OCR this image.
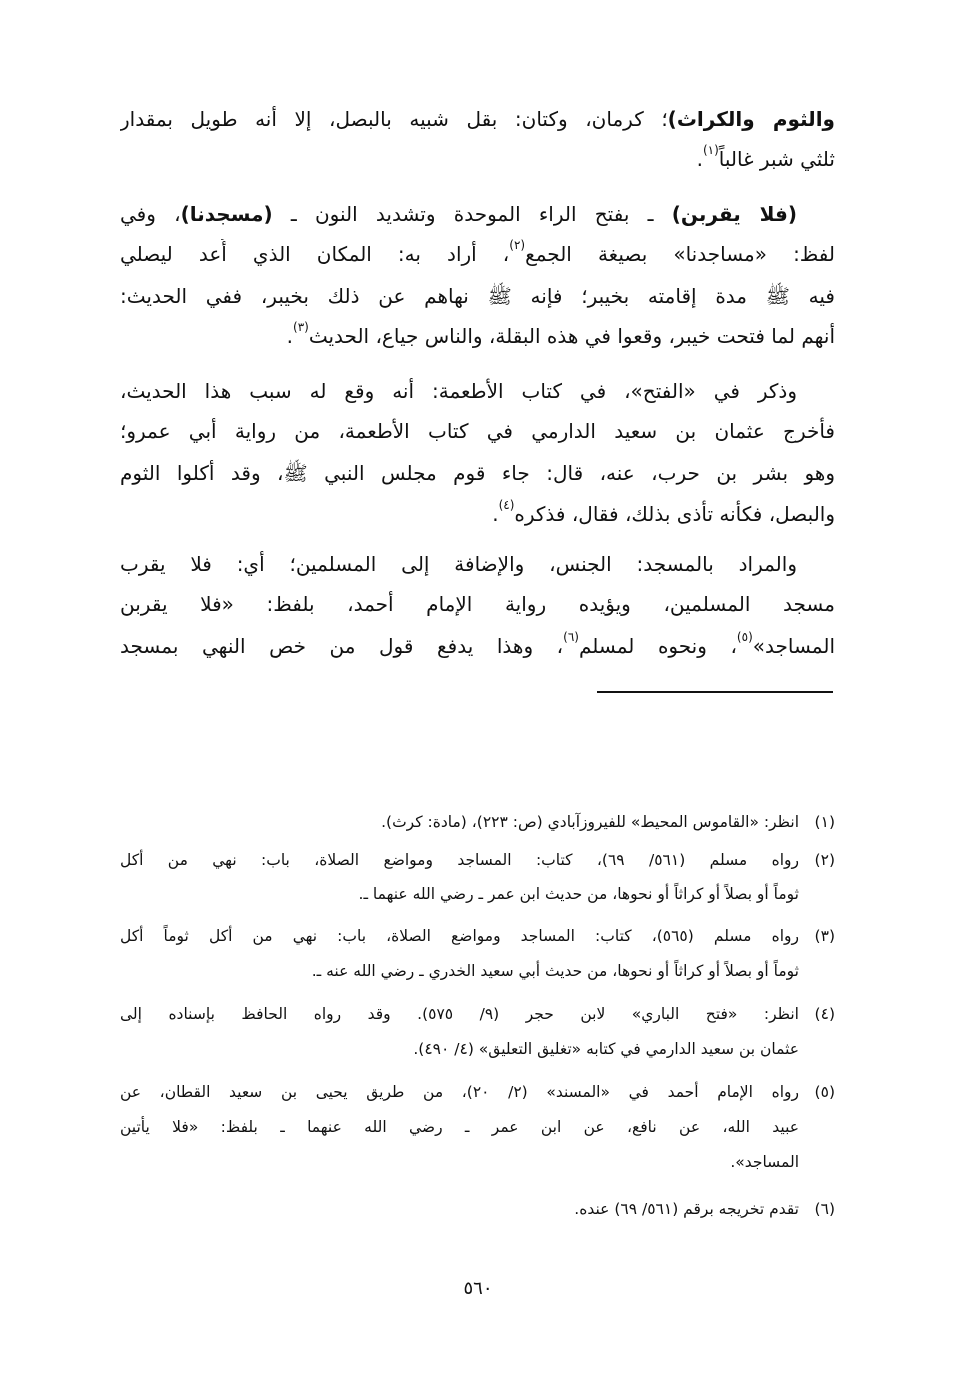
والثوم والكراث)؛ كرمان، وكتان: بقل شبيه بالبصل، إلا أنه طويل بمقدار
ثلثي شبر غالباً$^{(١)}$.
(فلا يقربن) ـ بفتح الراء الموحدة وتشديد النون ـ (مسجدنا)، وفي
لفظ: «مساجدنا» بصيغة الجمع$^{(٢)}$، أراد به: المكان الذي أُعد ليصلي
فيه ﷺ مدة إقامته بخيبر؛ فإنه ﷺ نهاهم عن ذلك بخيبر، ففي الحديث:
أنهم لما فتحت خيبر، وقعوا في هذه البقلة، والناس جياع، الحديث$^{(٣)}$.
وذكر في «الفتح»، في كتاب الأطعمة: أنه وقع له سبب هذا الحديث،
فأخرج عثمان بن سعيد الدارمي في كتاب الأطعمة، من رواية أبي عمرو؛
وهو بشر بن حرب، عنه، قال: جاء قوم مجلس النبي ﷺ، وقد أكلوا الثوم
والبصل، فكأنه تأذى بذلك، فقال، فذكره$^{(٤)}$.
والمراد بالمسجد: الجنس، والإضافة إلى المسلمين؛ أي: فلا يقرب
مسجد المسلمين، ويؤيده رواية الإمام أحمد، بلفظ: «فلا يقربن
المساجد»$^{(٥)}$، ونحوه لمسلم$^{(٦)}$، وهذا يدفع قول من خص النهي بمسجد
(١)
انظر: «القاموس المحيط» للفيروزآبادي (ص: ٢٢٣)، (مادة: كرث).
(٢)
رواه مسلم (٥٦١/ ٦٩)، كتاب: المساجد ومواضع الصلاة، باب: نهي من أكل
ثوماً أو بصلاً أو كراثاً أو نحوها، من حديث ابن عمر ـ رضي الله عنهما ـ.
(٣)
رواه مسلم (٥٦٥)، كتاب: المساجد ومواضع الصلاة، باب: نهي من أكل ثوماً أكل
ثوماً أو بصلاً أو كراثاً أو نحوها، من حديث أبي سعيد الخدري ـ رضي الله عنه ـ.
(٤)
انظر: «فتح الباري» لابن حجر (٩/ ٥٧٥). وقد رواه الحافظ بإسناده إلى
عثمان بن سعيد الدارمي في كتابه «تغليق التعليق» (٤/ ٤٩٠).
(٥)
رواه الإمام أحمد في «المسند» (٢/ ٢٠)، من طريق يحيى بن سعيد القطان، عن
عبيد الله، عن نافع، عن ابن عمر ـ رضي الله عنهما ـ بلفظ: «فلا يأتين
المساجد».
(٦)
تقدم تخريجه برقم (٥٦١/ ٦٩) عنده.
٥٦٠
